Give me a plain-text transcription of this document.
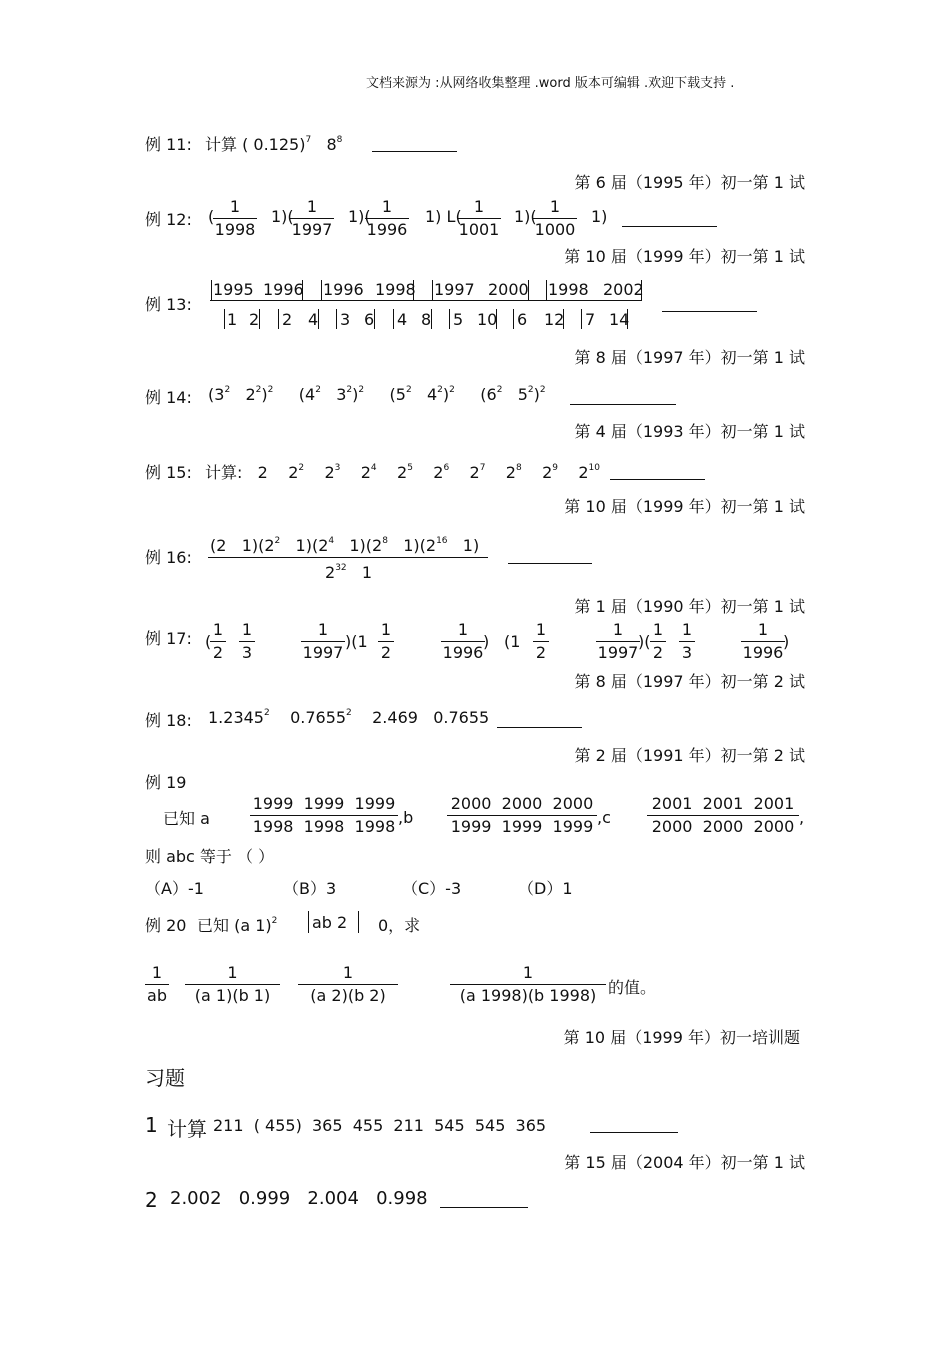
文档来源为 :从网络收集整理 .word 版本可编辑 .欢迎下载支持 .
例 11: 计算 ( 0.125)$^7$ $8^8$
第 6 届（1995 年）初一第 1 试
例 12: (
1
1998
1)(
1
1997
1)(
1
1996
1) L(
1
1001
1)(
1
1000
1)
第 10 届（1999 年）初一第 1 试
例 13:
1995 1996 1996 1998 1997 2000 1998 2002
1 2 2 4 3 6 4 8 5 10 6 12 7 14
第 8 届（1997 年）初一第 1 试
例 14: ($3^2$ $2^2)^2$     ($4^2$ $3^2)^2$     ($5^2$ $4^2)^2$     ($6^2$ $5^2)^2$
第 4 届（1993 年）初一第 1 试
例 15: 计算: 2 $2^2$ $2^3$ $2^4$ $2^5$ $2^6$ $2^7$ $2^8$ $2^9$ $2^{10}$
第 10 届（1999 年）初一第 1 试
例 16:
(2 $1)(2^2$ $1)(2^4$ $1)(2^8$ $1)(2^{16}$ 1)
$2^{32}$ 1
第 1 届（1990 年）初一第 1 试
例 17: (
1
2
1
3
1
1997
)(1
1
2
1
1996
) (1
1
2
1
1997
)(
1
2
1
3
1
1996
)
第 8 届（1997 年）初一第 2 试
例 18: 1.2345$^2$ 0.7655$^2$ 2.469 0.7655
第 2 届（1991 年）初一第 2 试
例 19
已知 a
1999 1999 1999
1998 1998 1998 ,b
2000 2000 2000
1999 1999 1999 ,c
2001 2001 2001
2000 2000 2000 ,
则 abc 等于 （ ）
（A）-1	（B）3	（C）-3	（D）1
例 20 已知 (a 1)$^2$ ab 2 0，求
1
ab
1
(a 1)(b 1)
1
(a 2)(b 2)
1
(a 1998)(b 1998) 的值。
第 10 届（1999 年）初一培训题
习题
1 计算 211  ( 455)  365  455  211  545  545  365
第 15 届（2004 年）初一第 1 试
2 2.002   0.999   2.004   0.998
